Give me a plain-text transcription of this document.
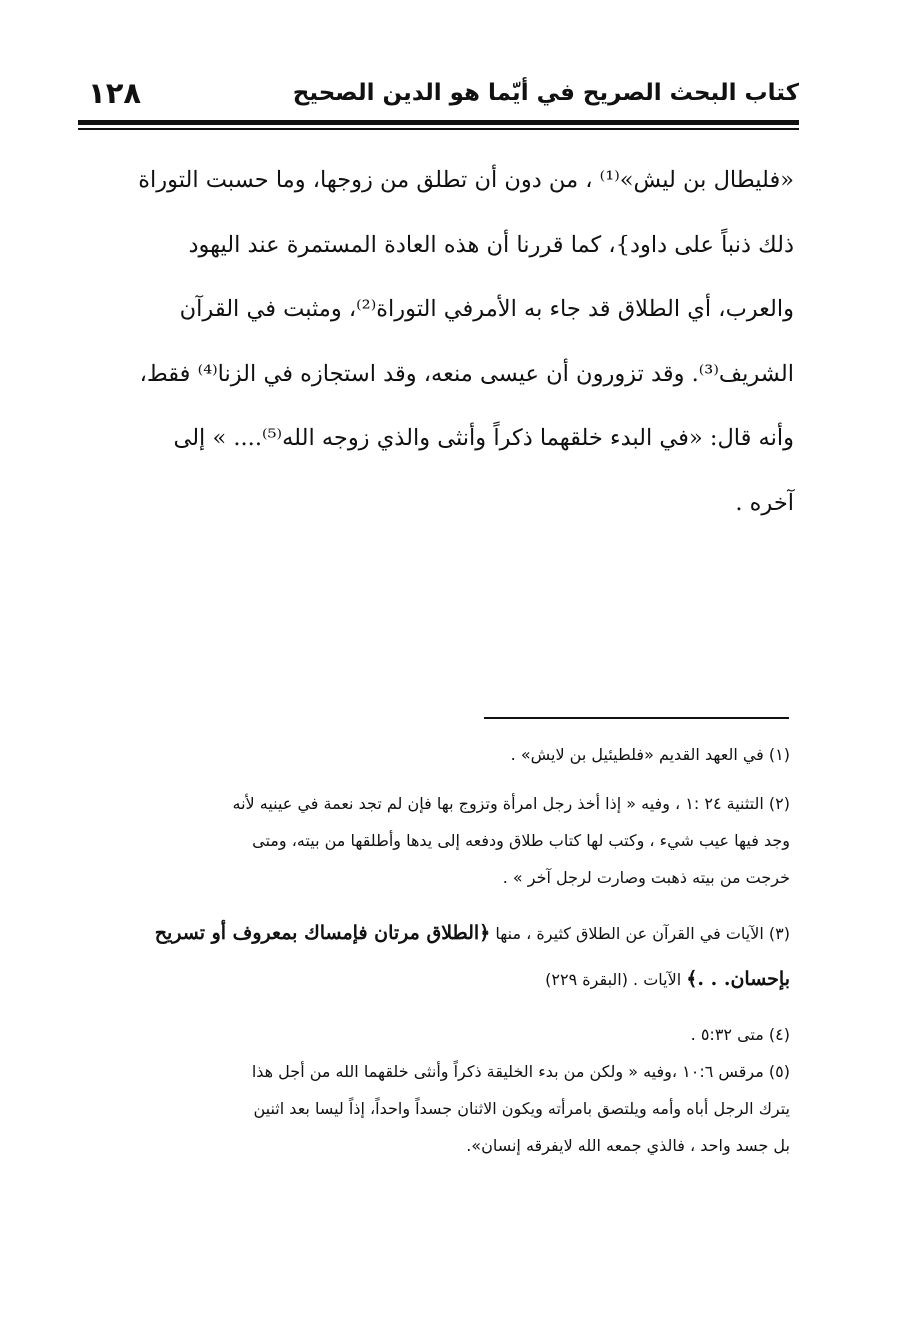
كتاب البحث الصريح في أيّما هو الدين الصحيح
١٢٨
«فليطال بن ليش»⁽¹⁾ ، من دون أن تطلق من زوجها، وما حسبت التوراة
ذلك ذنباً على داود}، كما قررنا أن هذه العادة المستمرة عند اليهود
والعرب، أي الطلاق قد جاء به الأمرفي التوراة⁽²⁾، ومثبت في القرآن
الشريف⁽³⁾. وقد تزورون أن عيسى منعه، وقد استجازه في الزنا⁽⁴⁾ فقط،
وأنه قال: «في البدء خلقهما ذكراً وأنثى والذي زوجه الله⁽⁵⁾.... » إلى
آخره .
(١) في العهد القديم «فلطيئيل بن لايش» .
(٢) التثنية ٢٤ :١ ، وفيه « إذا أخذ رجل امرأة وتزوج بها فإن لم تجد نعمة في عينيه لأنه
وجد فيها عيب شيء ، وكتب لها كتاب طلاق ودفعه إلى يدها وأطلقها من بيته، ومتى
خرجت من بيته ذهبت وصارت لرجل آخر » .
(٣) الآيات في القرآن عن الطلاق كثيرة ، منها ﴿الطلاق مرتان فإمساك بمعروف أو تسريح
بإحسان. . .﴾ الآيات . (البقرة ٢٢٩)
(٤) متى ٥:٣٢ .
(٥) مرقس ١٠:٦ ،وفيه « ولكن من بدء الخليقة ذكراً وأنثى خلقهما الله من أجل هذا
يترك الرجل أباه وأمه ويلتصق بامرأته ويكون الاثنان جسداً واحداً، إذاً ليسا بعد اثنين
بل جسد واحد ، فالذي جمعه الله لايفرقه إنسان».
